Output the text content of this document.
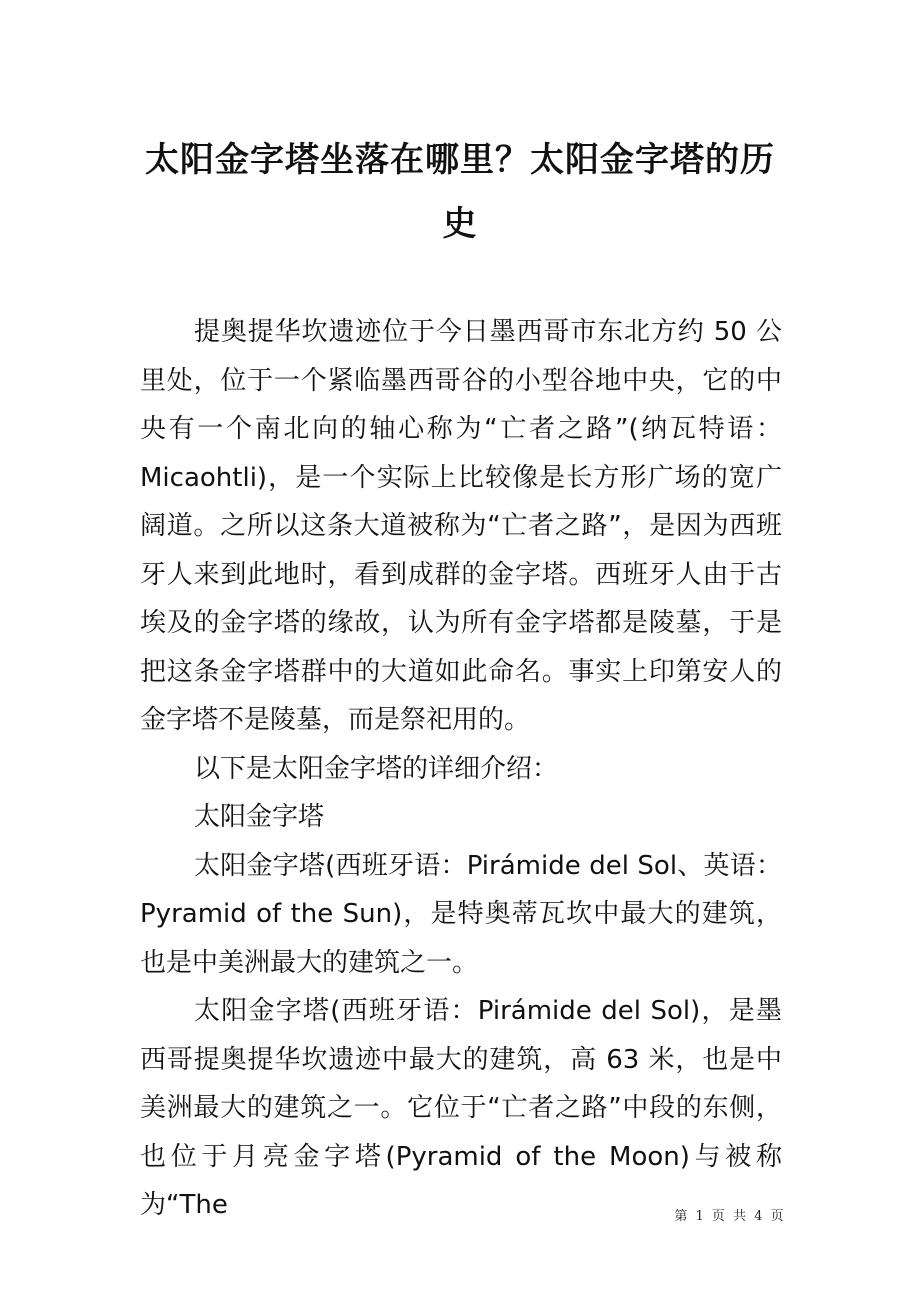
太阳金字塔坐落在哪里？太阳金字塔的历史

提奥提华坎遗迹位于今日墨西哥市东北方约 50 公里处，位于一个紧临墨西哥谷的小型谷地中央，它的中央有一个南北向的轴心称为“亡者之路”(纳瓦特语：Micaohtli)，是一个实际上比较像是长方形广场的宽广阔道。之所以这条大道被称为“亡者之路”，是因为西班牙人来到此地时，看到成群的金字塔。西班牙人由于古埃及的金字塔的缘故，认为所有金字塔都是陵墓，于是把这条金字塔群中的大道如此命名。事实上印第安人的金字塔不是陵墓，而是祭祀用的。

以下是太阳金字塔的详细介绍：

太阳金字塔

太阳金字塔(西班牙语：Pirámide del Sol、英语：Pyramid of the Sun)，是特奥蒂瓦坎中最大的建筑，也是中美洲最大的建筑之一。

太阳金字塔(西班牙语：Pirámide del Sol)，是墨西哥提奥提华坎遗迹中最大的建筑，高 63 米，也是中美洲最大的建筑之一。它位于“亡者之路”中段的东侧，也位于月亮金字塔(Pyramid of the Moon)与被称为“The	第 1 页 共 4 页
